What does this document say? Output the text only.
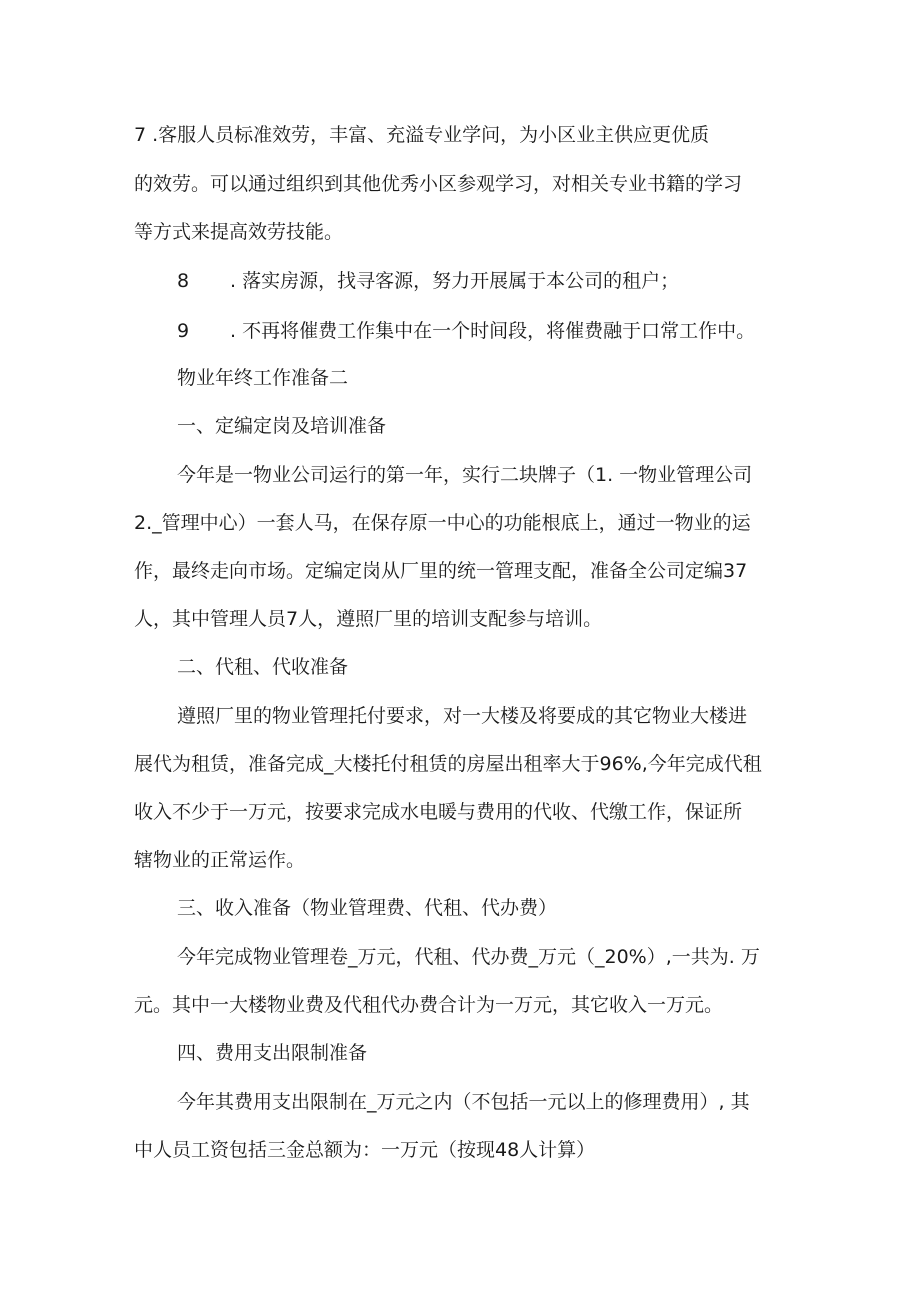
7 .客服人员标准效劳，丰富、充溢专业学问，为小区业主供应更优质
的效劳。可以通过组织到其他优秀小区参观学习，对相关专业书籍的学习
等方式来提高效劳技能。
8 . 落实房源，找寻客源，努力开展属于本公司的租户；
9 . 不再将催费工作集中在一个时间段，将催费融于口常工作中。
物业年终工作准备二
一、定编定岗及培训准备
今年是一物业公司运行的第一年，实行二块牌子（1. 一物业管理公司
2._管理中心）一套人马，在保存原一中心的功能根底上，通过一物业的运
作，最终走向市场。定编定岗从厂里的统一管理支配，准备全公司定编37
人，其中管理人员7人，遵照厂里的培训支配参与培训。
二、代租、代收准备
遵照厂里的物业管理托付要求，对一大楼及将要成的其它物业大楼进
展代为租赁，准备完成_大楼托付租赁的房屋出租率大于96%,今年完成代租
收入不少于一万元，按要求完成水电暖与费用的代收、代缴工作，保证所
辖物业的正常运作。
三、收入准备（物业管理费、代租、代办费）
今年完成物业管理卷_万元，代租、代办费_万元（_20%）,一共为. 万
元。其中一大楼物业费及代租代办费合计为一万元，其它收入一万元。
四、费用支出限制准备
今年其费用支出限制在_万元之内（不包括一元以上的修理费用）, 其
中人员工资包括三金总额为：一万元（按现48人计算）
